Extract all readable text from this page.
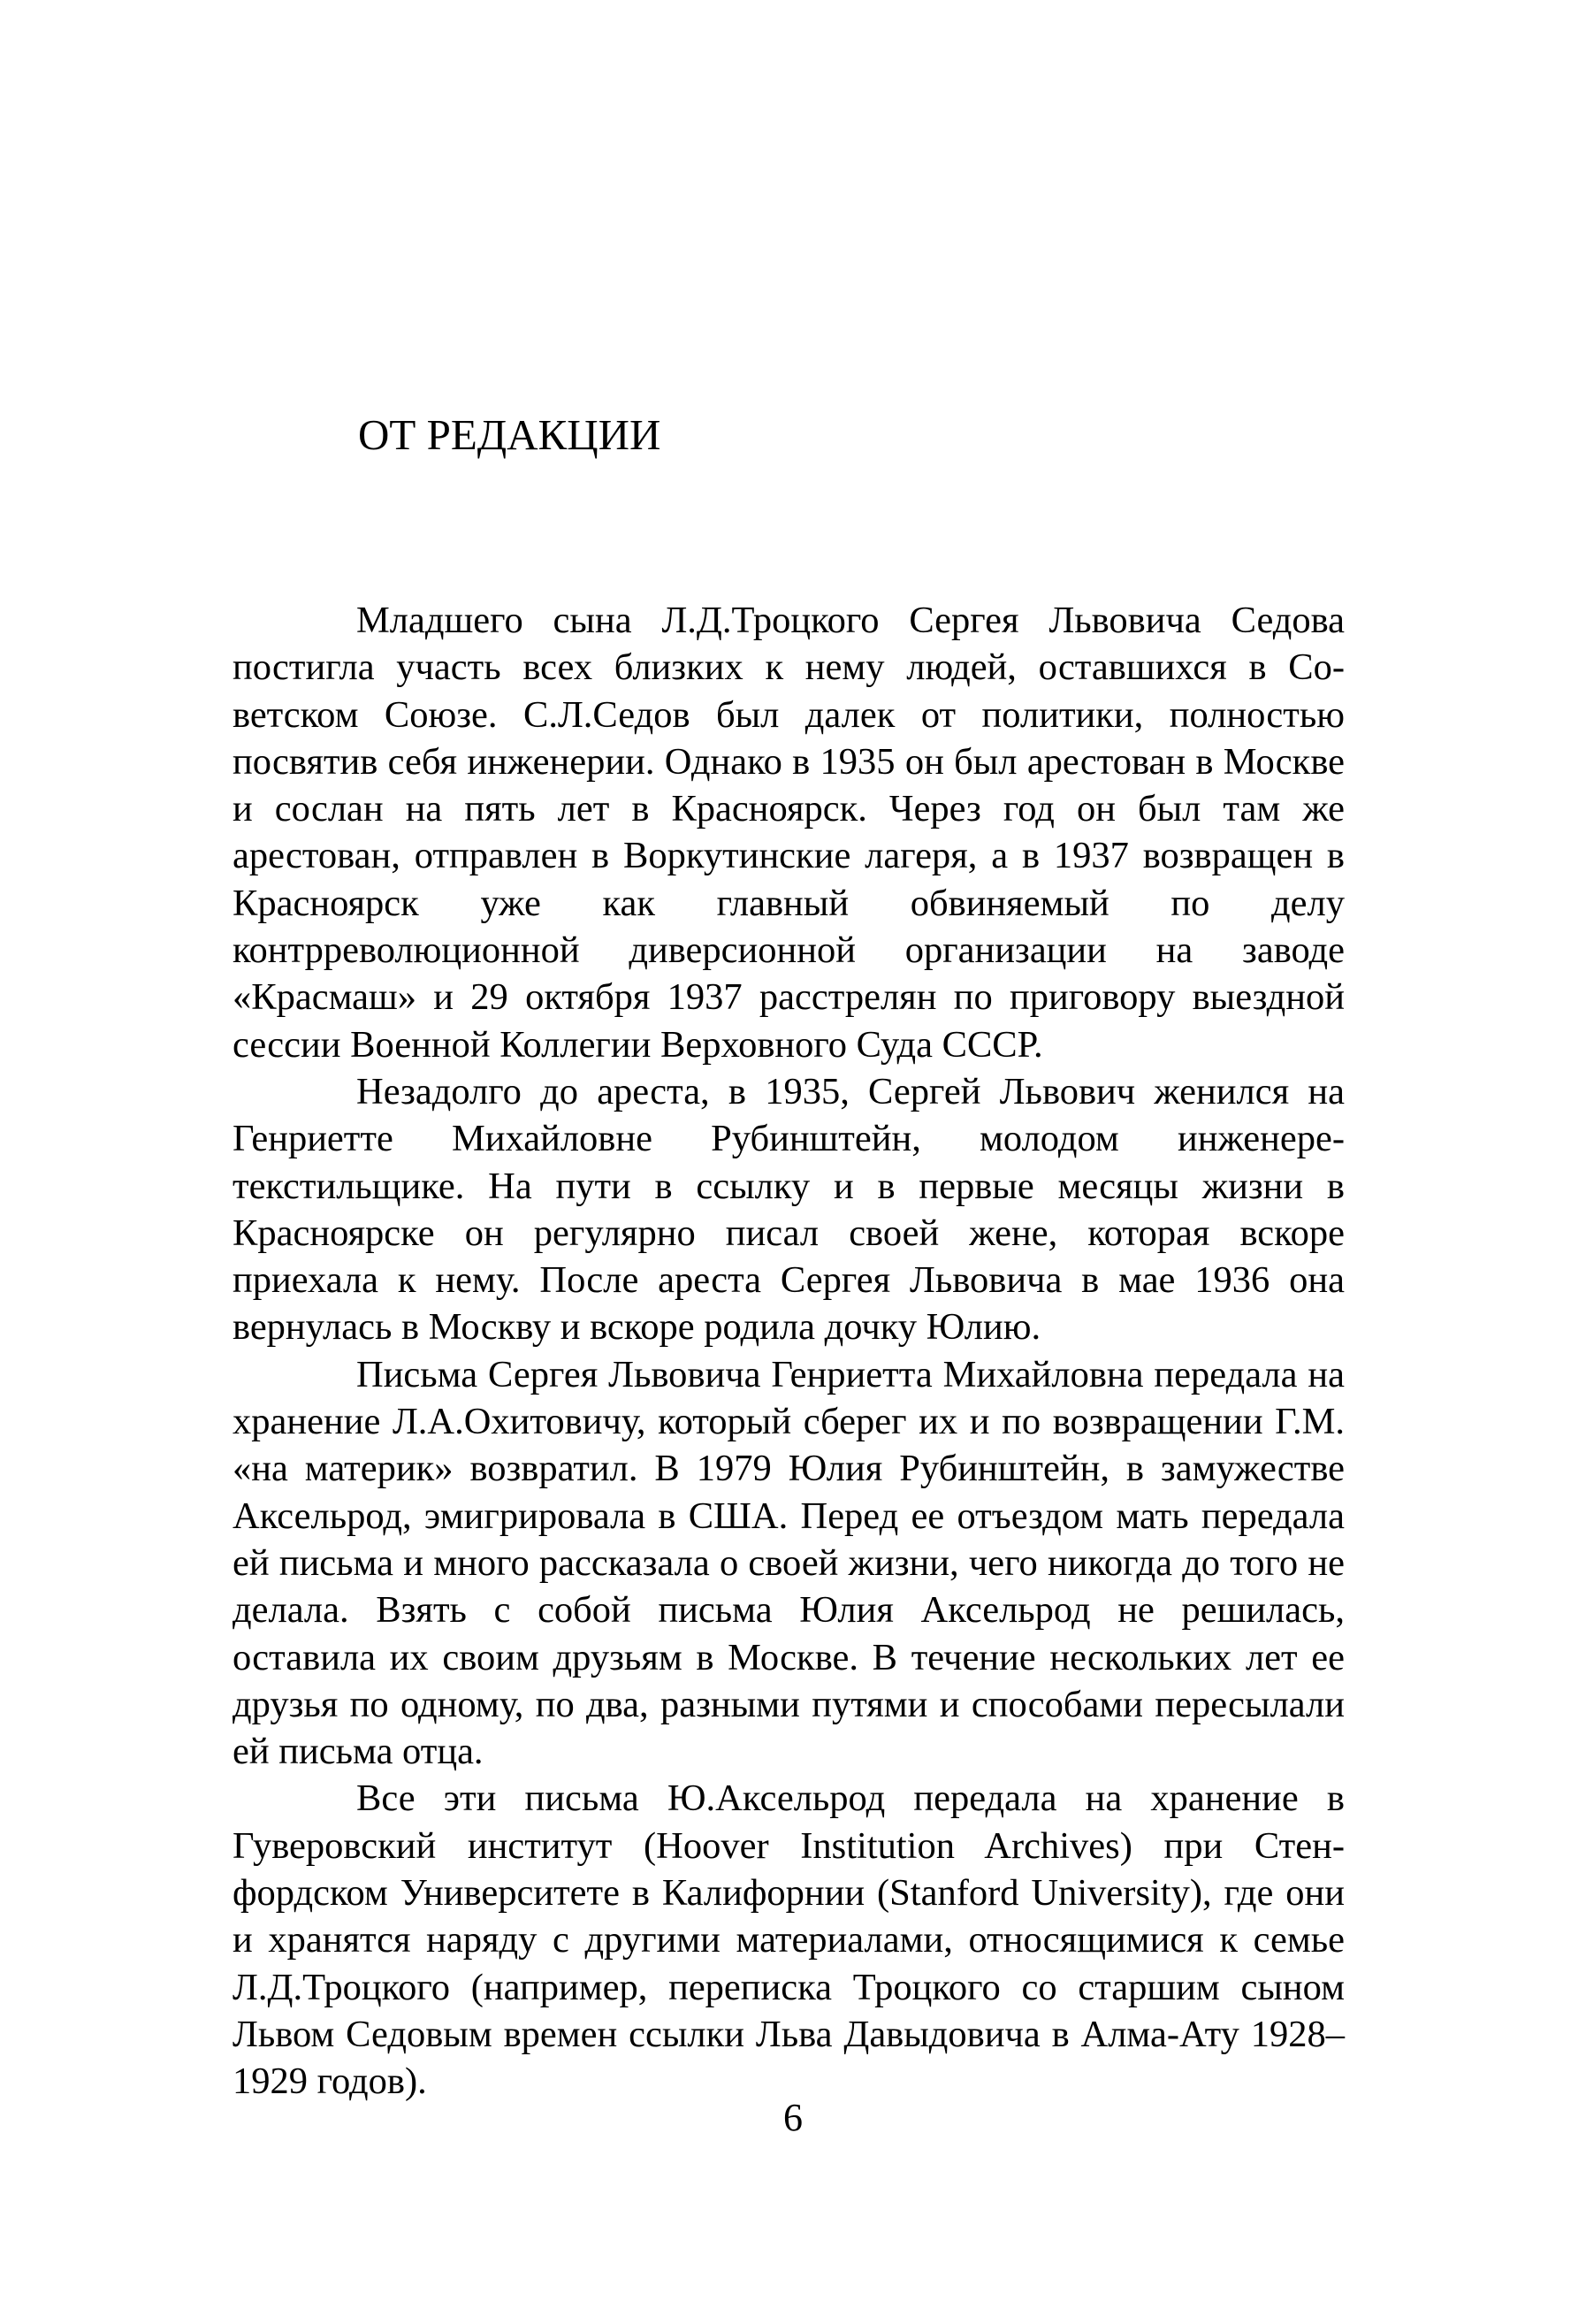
ОТ РЕДАКЦИИ

Младшего сына Л.Д.Троцкого Сергея Львовича Седова постигла участь всех близких к нему людей, оставшихся в Советском Союзе. С.Л.Седов был далек от политики, полностью посвятив себя инженерии. Однако в 1935 он был арестован в Москве и сослан на пять лет в Красноярск. Через год он был там же арестован, отправлен в Воркутинские лагеря, а в 1937 возвращен в Красноярск уже как главный обвиняемый по делу контрреволюционной диверсионной организации на заводе «Красмаш» и 29 октября 1937 расстрелян по приговору выездной сессии Военной Коллегии Верховного Суда СССР.

Незадолго до ареста, в 1935, Сергей Львович женился на Генриетте Михайловне Рубинштейн, молодом инженере-текстильщике. На пути в ссылку и в первые месяцы жизни в Красноярске он регулярно писал своей жене, которая вскоре приехала к нему. После ареста Сергея Львовича в мае 1936 она вернулась в Москву и вскоре родила дочку Юлию.

Письма Сергея Львовича Генриетта Михайловна передала на хранение Л.А.Охитовичу, который сберег их и по возвращении Г.М. «на материк» возвратил. В 1979 Юлия Рубинштейн, в замужестве Аксельрод, эмигрировала в США. Перед ее отъездом мать передала ей письма и много рассказала о своей жизни, чего никогда до того не делала. Взять с собой письма Юлия Аксельрод не решилась, оставила их своим друзьям в Москве. В течение нескольких лет ее друзья по одному, по два, разными путями и способами пересылали ей письма отца.

Все эти письма Ю.Аксельрод передала на хранение в Гуверовский институт (Hoover Institution Archives) при Стенфордском Университете в Калифорнии (Stanford University), где они и хранятся наряду с другими материалами, относящимися к семье Л.Д.Троцкого (например, переписка Троцкого со старшим сыном Львом Седовым времен ссылки Льва Давыдовича в Алма-Ату 1928–1929 годов).

6
